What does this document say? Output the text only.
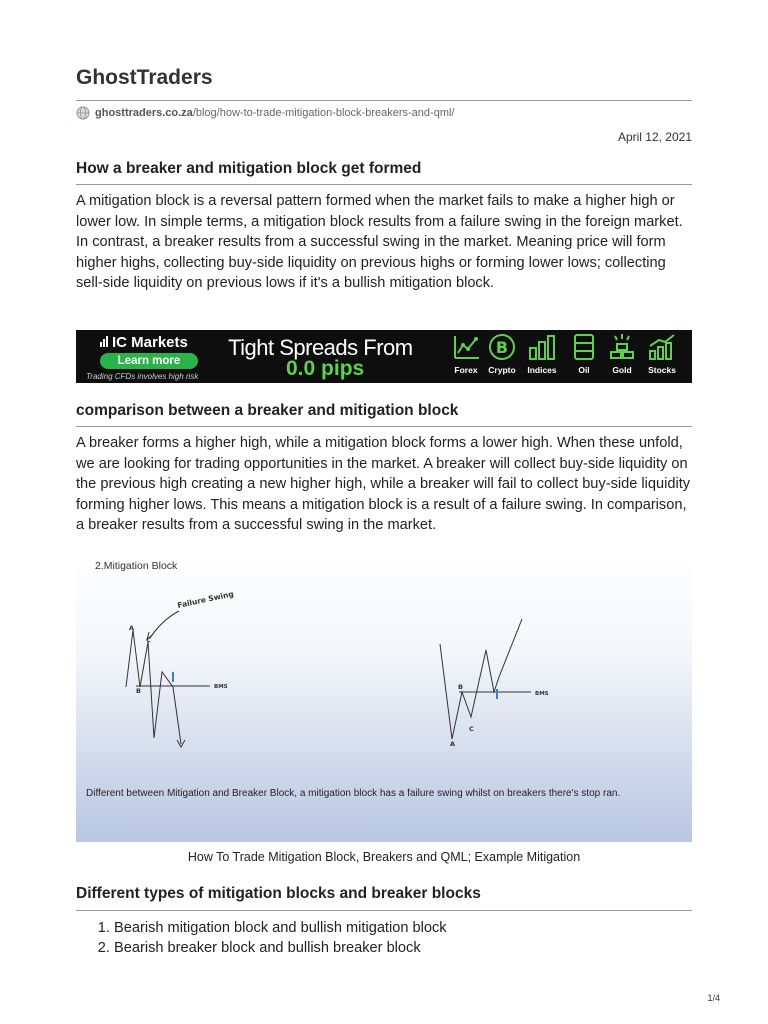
GhostTraders
ghosttraders.co.za /blog/how-to-trade-mitigation-block-breakers-and-qml/
April 12, 2021
How a breaker and mitigation block get formed

A mitigation block is a reversal pattern formed when the market fails to make a higher high or lower low. In simple terms, a mitigation block results from a failure swing in the foreign market. In contrast, a breaker results from a successful swing in the market. Meaning price will form higher highs, collecting buy-side liquidity on previous highs or forming lower lows; collecting sell-side liquidity on previous lows if it's a bullish mitigation block.

IC Markets
Learn more
Trading CFDs involves high risk
Tight Spreads From
0.0 pips	Forex
B
Crypto	Indices	Oil	Gold	Stocks
comparison between a breaker and mitigation block

A breaker forms a higher high, while a mitigation block forms a lower high. When these unfold, we are looking for trading opportunities in the market. A breaker will collect buy-side liquidity on the previous high creating a new higher high, while a breaker will fail to collect buy-side liquidity forming higher lows. This means a mitigation block is a result of a failure swing. In comparison, a breaker results from a successful swing in the market.

2.Mitigation Block
Failure Swing
A
C
B	BMS	B
C
A
BMS
Different between Mitigation and Breaker Block, a mitigation block has a failure swing whilst on breakers there's stop ran.
How To Trade Mitigation Block, Breakers and QML; Example Mitigation
Different types of mitigation blocks and breaker blocks
1. Bearish mitigation block and bullish mitigation block
2. Bearish breaker block and bullish breaker block
1/4
